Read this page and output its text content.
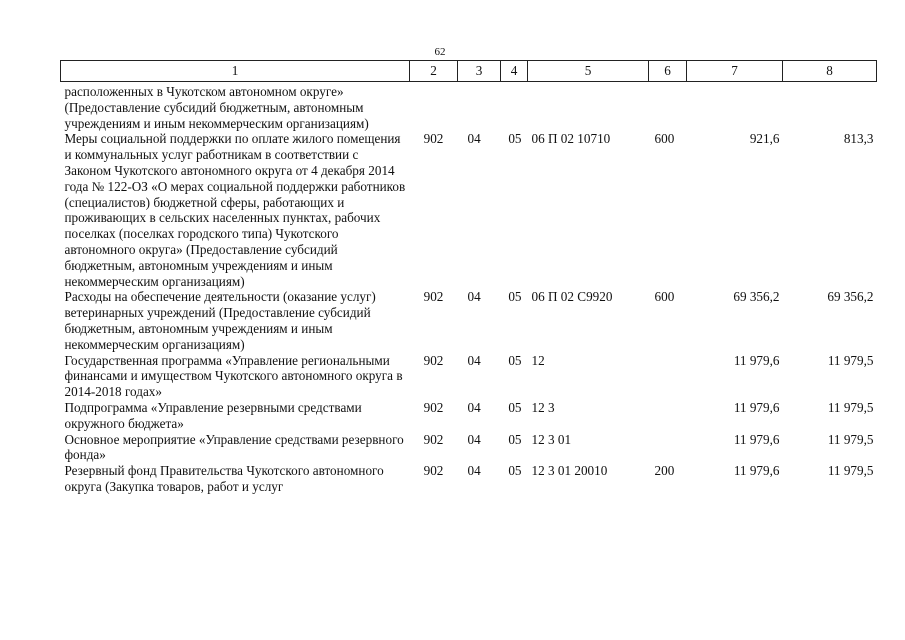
62
1	2	3	4	5	6	7	8
расположенных в Чукотском автономном округе» (Предоставление субсидий бюджетным, автономным учреждениям и иным некоммерческим организациям)							
Меры социальной поддержки по оплате жилого помещения и коммунальных услуг работникам в соответствии с Законом Чукотского автономного округа от 4 декабря 2014 года № 122-ОЗ «О мерах социальной поддержки работников (специалистов) бюджетной сферы, работающих и проживающих в сельских населенных пунктах, рабочих поселках (поселках городского типа) Чукотского автономного округа» (Предоставление субсидий бюджетным, автономным учреждениям и иным некоммерческим организациям)	902	04	05	06 П 02 10710	600	921,6	813,3
Расходы на обеспечение деятельности (оказание услуг) ветеринарных учреждений (Предоставление субсидий бюджетным, автономным учреждениям и иным некоммерческим организациям)	902	04	05	06 П 02 С9920	600	69 356,2	69 356,2
Государственная программа «Управление региональными финансами и имуществом Чукотского автономного округа в 2014-2018 годах»	902	04	05	12		11 979,6	11 979,5
Подпрограмма «Управление резервными средствами окружного бюджета»	902	04	05	12 3		11 979,6	11 979,5
Основное мероприятие «Управление средствами резервного фонда»	902	04	05	12 3 01		11 979,6	11 979,5
Резервный фонд Правительства Чукотского автономного округа (Закупка товаров, работ и услуг	902	04	05	12 3 01 20010	200	11 979,6	11 979,5
